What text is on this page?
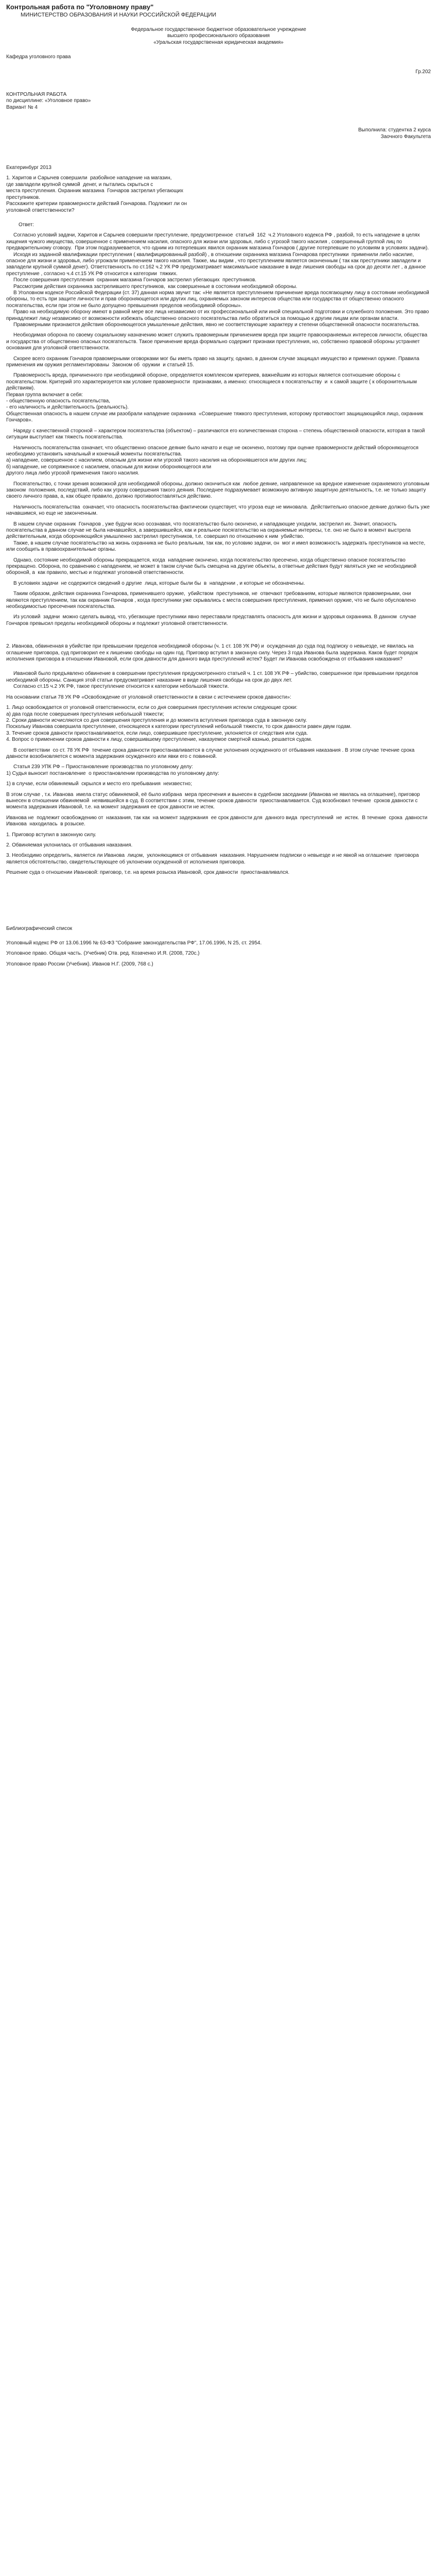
Контрольная работа по "Уголовному праву"

МИНИСТЕРСТВО ОБРАЗОВАНИЯ И НАУКИ РОССИЙСКОЙ ФЕДЕРАЦИИ

Федеральное государственное бюджетное образовательное учреждение

высшего профессионального образования

«Уральская государственная юридическая академия»

Кафедра уголовного права

Гр.202

КОНТРОЛЬНАЯ РАБОТА

по дисциплине: «Уголовное право»

Вариант № 4

Выполнила: студентка 2 курса

Заочного Факультета

Екатеринбург 2013

1. Харитов и Сарычев совершили  разбойное нападение на магазин,

где завладели крупной суммой  денег, и пытались скрыться с

места преступления. Охранник магазина  Гончаров застрелил убегающих

преступников.

Расскажите критерии правомерности действий Гончарова. Подлежит ли он

уголовной ответственности?

Ответ:

Согласно условий задачи, Харитов и Сарычев совершили преступление, предусмотренное  статьей  162  ч.2 Уголовного кодекса РФ , разбой, то есть нападение в целях хищения чужого имущества, совершенное с применением насилия, опасного для жизни или здоровья, либо с угрозой такого насилия , совершенный группой лиц по предварительному сговору.  При этом подразумевается, что одним из потерпевших явился охранник магазина Гончаров ( другие потерпевшие по условиям в условиях задачи).

Исходя из заданной квалификации преступления ( квалифицированный разбой) , в отношении охранника магазина Гончарова преступники  применили либо насилие, опасное для жизни и здоровья, либо угрожали применением такого насилия. Также, мы видим , что преступлением является оконченным ( так как преступники завладели и завладели крупной суммой денег). Ответственность по ст.162 ч.2 УК РФ предусматривает максимальное наказание в виде лишения свободы на срок до десяти лет , а данное преступление , согласно ч.4 ст.15 УК РФ относится к категории  тяжких.

После совершения преступления  охранник магазина Гончаров застрелил убегающих  преступников.

Рассмотрим действия охранника застрелившего преступников,  как совершенные в состоянии необходимой обороны.

В Уголовном кодексе Российской Федерации (ст. 37) данная норма звучит так: «Не является преступлением причинение вреда посягающему лицу в состоянии необходимой обороны, то есть при защите личности и прав обороняющегося или других лиц, охраняемых законом интересов общества или государства от общественно опасного посягательства, если при этом не было допущено превышения пределов необходимой обороны».

Право на необходимую оборону имеют в равной мере все лица независимо от их профессиональной или иной специальной подготовки и служебного положения. Это право принадлежит лицу независимо от возможности избежать общественно опасного посягательства либо обратиться за помощью к другим лицам или органам власти.

Правомерными признаются действия обороняющегося умышленные действия, явно не соответствующие характеру и степени общественной опасности посягательства.

Необходимая оборона по своему социальному назначению может служить правомерным причинением вреда при защите правоохраняемых интересов личности, общества и государства от общественно опасных посягательств. Такое причинение вреда формально содержит признаки преступления, но, собственно правовой обороны устраняет основания для уголовной ответственности.

Скорее всего охранник Гончаров правомерными оговорками мог бы иметь право на защиту, однако, в данном случае защищал имущество и применил оружие. Правила применения им оружия регламентированы  Законом об  оружии  и статьей 15.

Правомерность вреда, причиненного при необходимой обороне, определяется комплексом критериев, важнейшим из которых является соотношение обороны с  посягательством. Критерий это характеризуется как условие правомерности  признаками, а именно: относящиеся к посягательству  и  к самой защите ( к оборонительным действиям).

Первая группа включает в себя:

- общественную опасность посягательства,

- его наличность и действительность (реальность).

Общественная опасность в нашем случае им разобрали нападение охранника  «Совершение тяжкого преступления, которому противостоит защищающийся лицо, охранник Гончаров».

Наряду с качественной стороной – характером посягательства (объектом) – различаются его количественная сторона – степень общественной опасности, которая в такой ситуации выступает как тяжесть посягательства.

Наличность посягательства означает, что общественно опасное деяние было начато и еще не окончено, поэтому при оценке правомерности действий обороняющегося необходимо установить начальный и конечный моменты посягательства.

а) нападение, совершенное с насилием, опасным для жизни или угрозой такого насилия на оборонявшегося или других лиц;

б) нападение, не сопряженное с насилием, опасным для жизни обороняющегося или

другого лица либо угрозой применения такого насилия.

Посягательство, с точки зрения возможной для необходимой обороны, должно окончиться как  любое деяние, направленное на вредное изменение охраняемого уголовным законом  положения, последствий, либо как угрозу совершения такого деяния. Последнее подразумевает возможную активную защитную деятельность, т.е. не только защиту своего личного права, а, как общее правило, должно противопоставляться действию.

Наличность посягательства  означает, что опасность посягательства фактически существует, что угроза еще не миновала.  Действительно опасное деяние должно быть уже начавшимся, но еще не законченным.

В нашем случае охранник  Гончаров , уже будучи ясно осознавая, что посягательство было окончено, и нападающие уходили, застрелил их. Значит, опасность посягательства в данном случае не была начавшейся, а завершившейся, как и реальное посягательство на охраняемые интересы, т.е. оно не было в момент выстрела действительным, когда обороняющийся умышленно застрелил преступников, т.е. совершил по отношению к ним  убийство.

Также, в нашем случае посягательство на жизнь охранника не было реальным, так как, по условию задачи, он  мог и имел возможность задержать преступников на месте, или сообщить в правоохранительные органы.

Однако, состояние необходимой обороны прекращается, когда  нападение окончено, когда посягательство пресечено, когда общественно опасное посягательство прекращено. Оборона, по сравнению с нападением, не может в таком случае быть смещена на другие объекты, а ответные действия будут являться уже не необходимой обороной, а  как правило, местью и подлежат уголовной ответственности.

В условиях задачи  не содержится сведений о другие  лица, которые были бы  в  нападении , и которые не обозначенны.

Таким образом, действия охранника Гончарова, применившего оружие,  убийством  преступников, не  отвечают требованиям, которые являются правомерными, они являются преступлением, так как охранник Гончаров , когда преступники уже скрывались с места совершения преступления, применил оружие, что не было обусловлено необходимостью пресечения посягательства.

Из условий  задачи  можно сделать вывод, что, убегающие преступники явно переставали представлять опасность для жизни и здоровья охранника. В данном  случае   Гончаров превысил пределы необходимой обороны и подлежит уголовной ответственности.

2. Иванова, обвиненная в убийстве при превышении пределов необходимой обороны (ч. 1 ст. 108 УК РФ) и  осужденная до суда под подписку о невыезде, не явилась на оглашение приговора, суд приговорил ее к лишению свободы на один год. Приговор вступил в законную силу. Через 3 года Иванова была задержана. Каков будет порядок исполнения приговора в отношении Ивановой, если срок давности для данного вида преступлений истек? Будет ли Иванова освобождена от отбывания наказания?

Ивановой было предъявлено обвинение в совершении преступления предусмотренного статьей ч. 1 ст. 108 УК РФ – убийство, совершенное при превышении пределов необходимой обороны. Санкция этой статьи предусматривает наказание в виде лишения свободы на срок до двух лет.

Согласно ст.15 ч.2 УК РФ, такое преступление относится к категории небольшой тяжести.

На основании статьи 78 УК РФ «Освобождение от уголовной ответственности в связи с истечением сроков давности»:

1. Лицо освобождается от уголовной ответственности, если со дня совершения преступления истекли следующие сроки:

а) два года после совершения преступления небольшой тяжести;

2. Сроки давности исчисляются со дня совершения преступления и до момента вступления приговора суда в законную силу.

Поскольку Иванова совершила преступление, относящееся к категории преступлений небольшой тяжести, то срок давности равен двум годам.

3. Течение сроков давности приостанавливается, если лицо, совершившее преступление, уклоняется от следствия или суда.

4. Вопрос о применении сроков давности к лицу, совершившему преступление, наказуемое смертной казнью, решается судом.

В соответствии  со ст. 78 УК РФ  течение срока давности приостанавливается в случае уклонения осужденного от отбывания наказания . В этом случае течение срока давности возобновляется с момента задержания осужденного или явки его с повинной.

Статья 239 УПК РФ – Приостановление производства по уголовному делу:

1) Судья выносит постановление  о приостановлении производства по уголовному делу:

1) в случае, если обвиняемый  скрылся и место его пребывания  неизвестно;

В этом случае , т.к. Иванова  имела статус обвиняемой, её было избрана  мера пресечения и вынесен в судебном заседании (Иванова не явилась на оглашение), приговор вынесен в отношении обвиняемой  неявившейся в суд. В соответствии с этим, течение сроков давности  приостанавливается. Суд возобновил течение  сроков давности с момента задержания Ивановой, т.е. на момент задержания ее срок давности не истек.

Иванова не  подлежит освобождению от  наказания, так как  на момент задержания  ее срок давности для  данного вида  преступлений  не  истек.  В течение  срока  давности  Иванова  находилась  в розыске.

1. Приговор вступил в законную силу.

2. Обвиняемая уклонилась от отбывания наказания.

3. Необходимо определить, является ли Иванова  лицом,  уклоняющимся от отбывания  наказания. Нарушением подписки о невыезде и не явкой на оглашение  приговора является обстоятельство, свидетельствующее об уклонении осужденной от исполнения приговора.

Решение суда о отношении Ивановой: приговор, т.е. на время розыска Ивановой, срок давности  приостанавливался.

Библиографический список

Уголовный кодекс РФ от 13.06.1996 № 63-ФЗ "Собрание законодательства РФ", 17.06.1996, N 25, ст. 2954.

Уголовное право. Общая часть. (Учебник) Отв. ред. Козаченко И.Я. (2008, 720с.)

Уголовное право России (Учебник). Иванов Н.Г. (2009, 768 с.)
